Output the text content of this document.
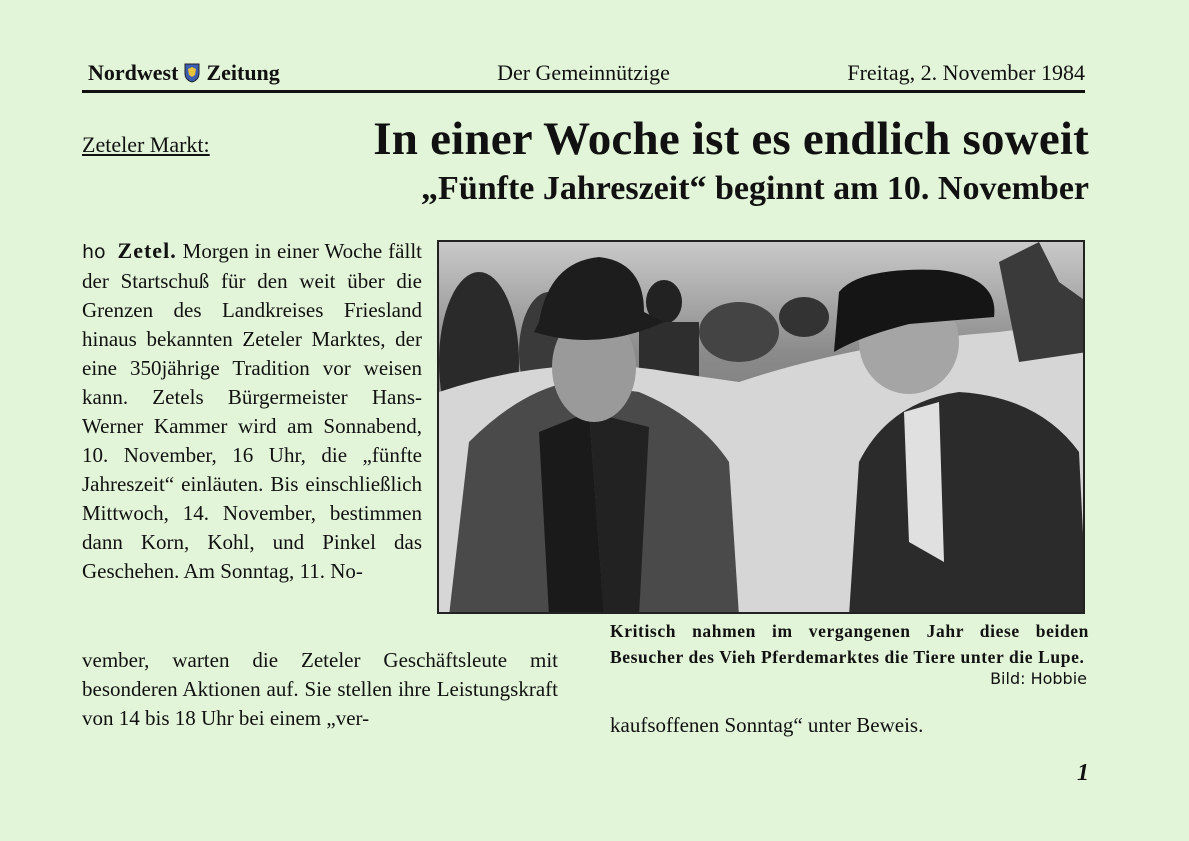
Nordwest Zeitung	Der Gemeinnützige	Freitag, 2. November 1984
Zeteler Markt:	In einer Woche ist es endlich soweit
„Fünfte Jahreszeit“ beginnt am 10. November
ho Zetel. Morgen in einer Woche fällt der Startschuß für den weit über die Grenzen des Landkreises Friesland hinaus bekannten Zeteler Marktes, der eine 350jährige Tradition vor weisen kann. Zetels Bürgermeister Hans-Werner Kammer wird am Sonnabend, 10. November, 16 Uhr, die „fünfte Jahreszeit“ einläuten. Bis einschließlich Mittwoch, 14. November, bestimmen dann Korn, Kohl, und Pinkel das Geschehen. Am Sonntag, 11. No-
Kritisch nahmen im vergangenen Jahr diese beiden Besucher des Vieh Pferdemarktes die Tiere unter die Lupe.
Bild: Hobbie
vember, warten die Zeteler Geschäftsleute mit besonderen Aktionen auf. Sie stellen ihre Leistungskraft von 14 bis 18 Uhr bei einem „ver-	kaufsoffenen Sonntag“ unter Beweis.
1
